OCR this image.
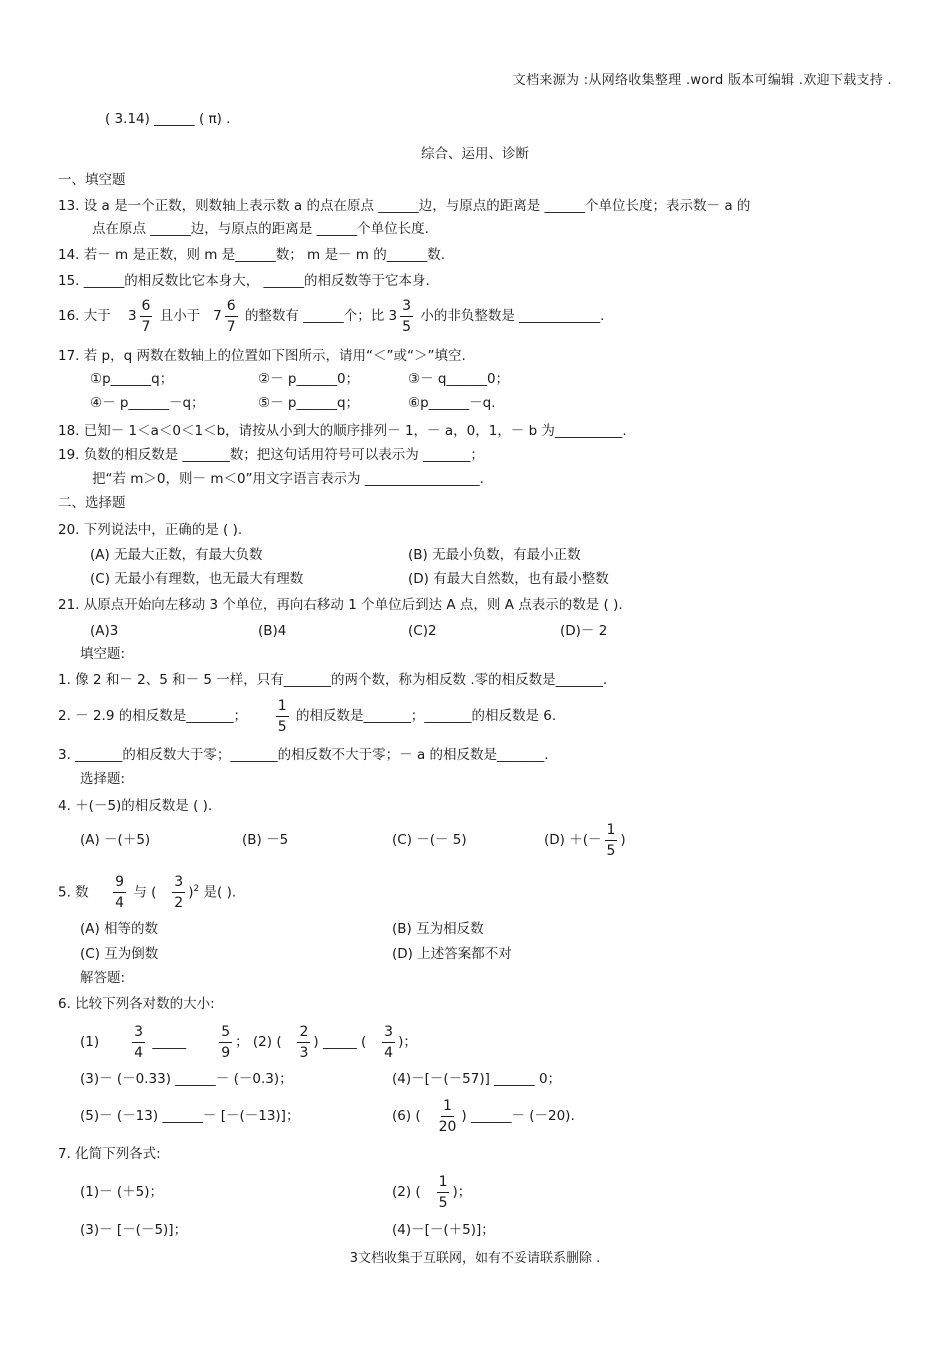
文档来源为 :从网络收集整理 .word 版本可编辑 .欢迎下载支持 .
( 3.14) ______ ( π) .
综合、运用、诊断
一、填空题
13. 设 a 是一个正数，则数轴上表示数 a 的点在原点 ______边，与原点的距离是 ______个单位长度；表示数－ a 的
点在原点 ______边，与原点的距离是 ______个单位长度.
14. 若－ m 是正数，则 m 是______数； m 是－ m 的______数.
15. ______的相反数比它本身大， ______的相反数等于它本身.
16. 大于 $3 \frac{6}{7}$ 且小于 $7 \frac{6}{7}$ 的整数有 ______个；比 $3 \frac{3}{5}$ 小的非负整数是 ____________.
17. 若 p，q 两数在数轴上的位置如下图所示，请用“＜”或“＞”填空.
①p______q；	②－ p______0；	③－ q______0；
④－ p______－q；	⑤－ p______q；	⑥p______－q.
18. 已知－ 1＜a＜0＜1＜b，请按从小到大的顺序排列－ 1，－ a，0，1，－ b 为__________.
19. 负数的相反数是 _______数；把这句话用符号可以表示为 _______；
把“若 m＞0，则－ m＜0”用文字语言表示为 _________________.
二、选择题
20. 下列说法中，正确的是 ( ).
(A) 无最大正数，有最大负数	(B) 无最小负数，有最小正数
(C) 无最小有理数，也无最大有理数	(D) 有最大自然数，也有最小整数
21. 从原点开始向左移动 3 个单位，再向右移动 1 个单位后到达 A 点，则 A 点表示的数是 ( ).
(A)3	(B)4	(C)2	(D)－ 2
填空题:
1. 像 2 和－ 2、5 和－ 5 一样，只有_______的两个数，称为相反数 .零的相反数是_______.
2. － 2.9 的相反数是_______； $\frac{1}{5}$ 的相反数是_______；_______的相反数是 6.
3. _______的相反数大于零；_______的相反数不大于零；－ a 的相反数是_______.
选择题:
4. ＋(－5)的相反数是 ( ).
(A) －(＋5)	(B) －5	(C) －(－ 5)	(D) ＋(－ $\frac{1}{5}$ )
5. 数 $\frac{9}{4}$ 与 ( $\frac{3}{2} )^2$ 是( ).
(A) 相等的数	(B) 互为相反数
(C) 互为倒数	(D) 上述答案都不对
解答题:
6. 比较下列各对数的大小:
$(1) \frac{3}{4}$ _____ $\frac{5}{9}$ ； (2) ( $\frac{2}{3}$ ) _____ ( $\frac{3}{4}$ )；
(3)－ (－0.33) ______－ (－0.3)；	(4)－[－(－57)] ______ 0；
(5)－ (－13) ______－ [－(－13)]；	(6) ( $\frac{1}{20}$ ) ______－ (－20).
7. 化简下列各式:
(1)－ (＋5)；	(2) ( $\frac{1}{5}$ )；
(3)－ [－(－5)]；	(4)－[－(＋5)]；
3文档收集于互联网，如有不妥请联系删除 .
